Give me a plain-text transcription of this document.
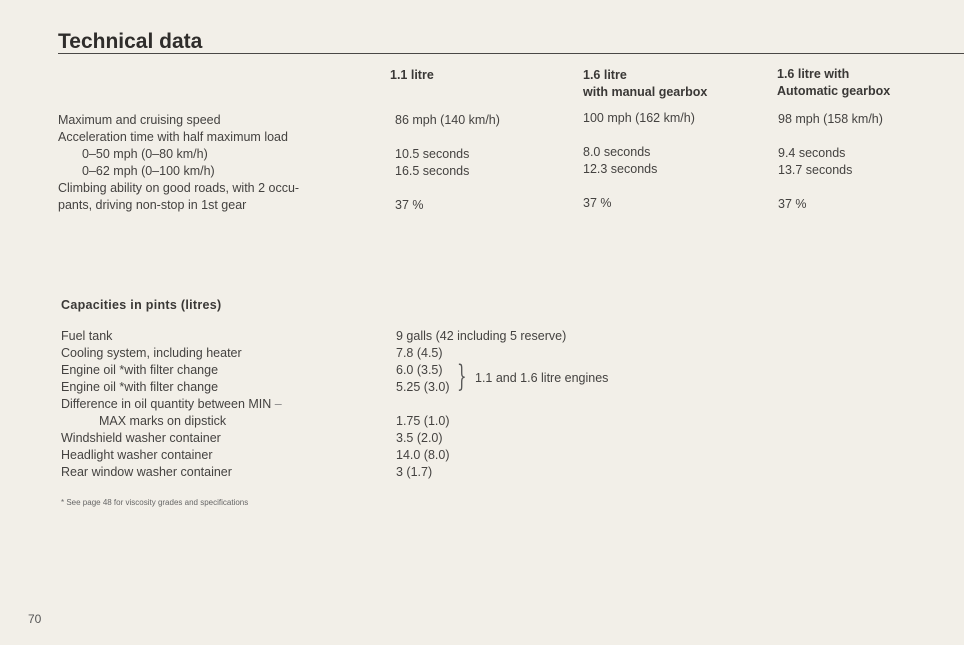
Technical data
1.1 litre	1.6 litre
with manual gearbox
1.6 litre with
Automatic gearbox
Maximum and cruising speed
Acceleration time with half maximum load
0–50 mph (0–80 km/h)
0–62 mph (0–100 km/h)
Climbing ability on good roads, with 2 occu-
pants, driving non-stop in 1st gear
86 mph (140 km/h)

10.5 seconds
16.5 seconds

37 %
100 mph (162 km/h)

8.0 seconds
12.3 seconds

37 %
98 mph (158 km/h)

9.4 seconds
13.7 seconds

37 %
Capacities in pints (litres)
Fuel tank
Cooling system, including heater
Engine oil *with filter change
Engine oil *with filter change
Difference in oil quantity between MIN –
MAX marks on dipstick
Windshield washer container
Headlight washer container
Rear window washer container
9 galls (42 including 5 reserve)
7.8 (4.5)
6.0 (3.5)
5.25 (3.0)

1.75 (1.0)
3.5 (2.0)
14.0 (8.0)
3 (1.7)
} 1.1 and 1.6 litre engines
* See page 48 for viscosity grades and specifications
70
